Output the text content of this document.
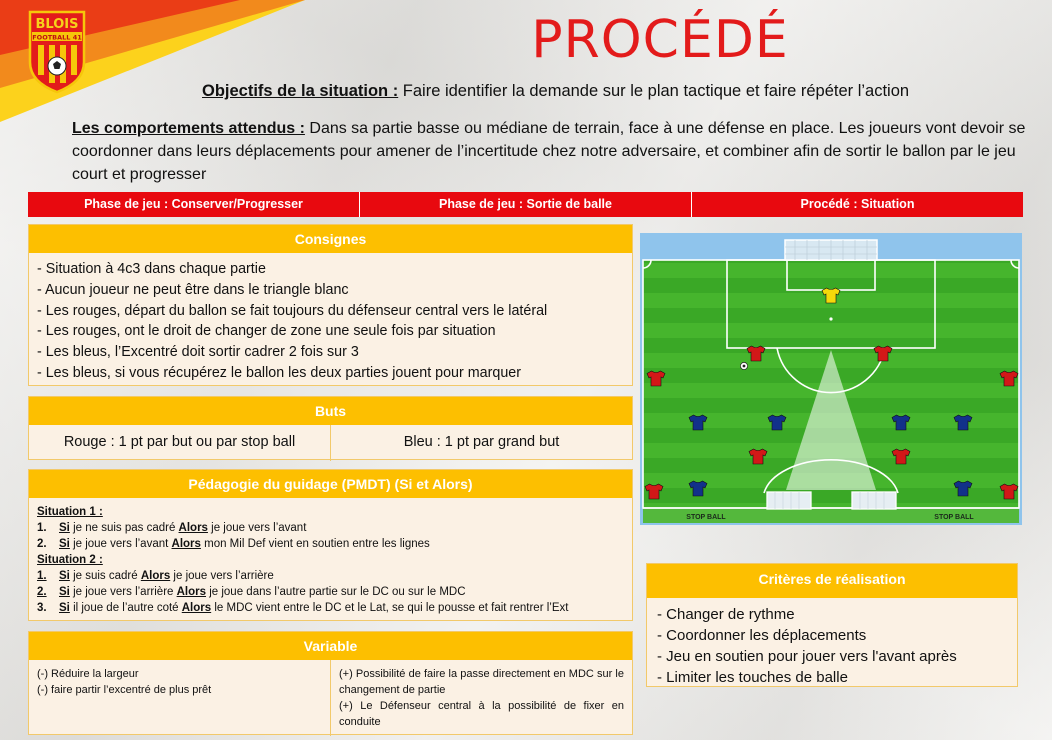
BLOIS
FOOTBALL 41	PROCÉDÉ
Objectifs de la situation : Faire identifier la demande sur le plan tactique et faire répéter l’action
Les comportements attendus : Dans sa partie basse ou médiane de terrain, face à une défense en place. Les joueurs vont devoir se coordonner dans leurs déplacements pour amener de l’incertitude chez notre adversaire, et combiner afin de sortir le ballon par le jeu court et progresser
Phase de jeu : Conserver/Progresser	Phase de jeu : Sortie de balle	Procédé : Situation
Consignes
- Situation à 4c3 dans chaque partie
- Aucun joueur ne peut être dans le triangle blanc
- Les rouges, départ du ballon se fait toujours du défenseur central vers le latéral
- Les rouges, ont le droit de changer de zone une seule fois par situation
- Les bleus, l’Excentré doit sortir cadrer 2 fois sur 3
- Les bleus, si vous récupérez le ballon les deux parties jouent pour marquer
Buts
Rouge : 1 pt par but ou par stop ball	Bleu : 1 pt par grand but
Pédagogie du guidage (PMDT) (Si et Alors)
Situation 1 :
1. Si je ne suis pas cadré Alors je joue vers l’avant
2. Si je joue vers l’avant Alors mon Mil Def vient en soutien entre les lignes
Situation 2 :
1. Si je suis cadré Alors je joue vers l’arrière
2. Si je joue vers l’arrière Alors je joue dans l’autre partie sur le DC ou sur le MDC
3. Si il joue de l’autre coté Alors le MDC vient entre le DC et le Lat, se qui le pousse et fait rentrer l’Ext
Variable
(-) Réduire la largeur
(-) faire partir l’excentré de plus prêt
(+) Possibilité de faire la passe directement en MDC sur le changement de partie
(+) Le Défenseur central à la possibilité de fixer en conduite
STOP BALL	STOP BALL
Critères de réalisation
- Changer de rythme
- Coordonner les déplacements
- Jeu en soutien pour jouer vers l'avant après
- Limiter les touches de balle
